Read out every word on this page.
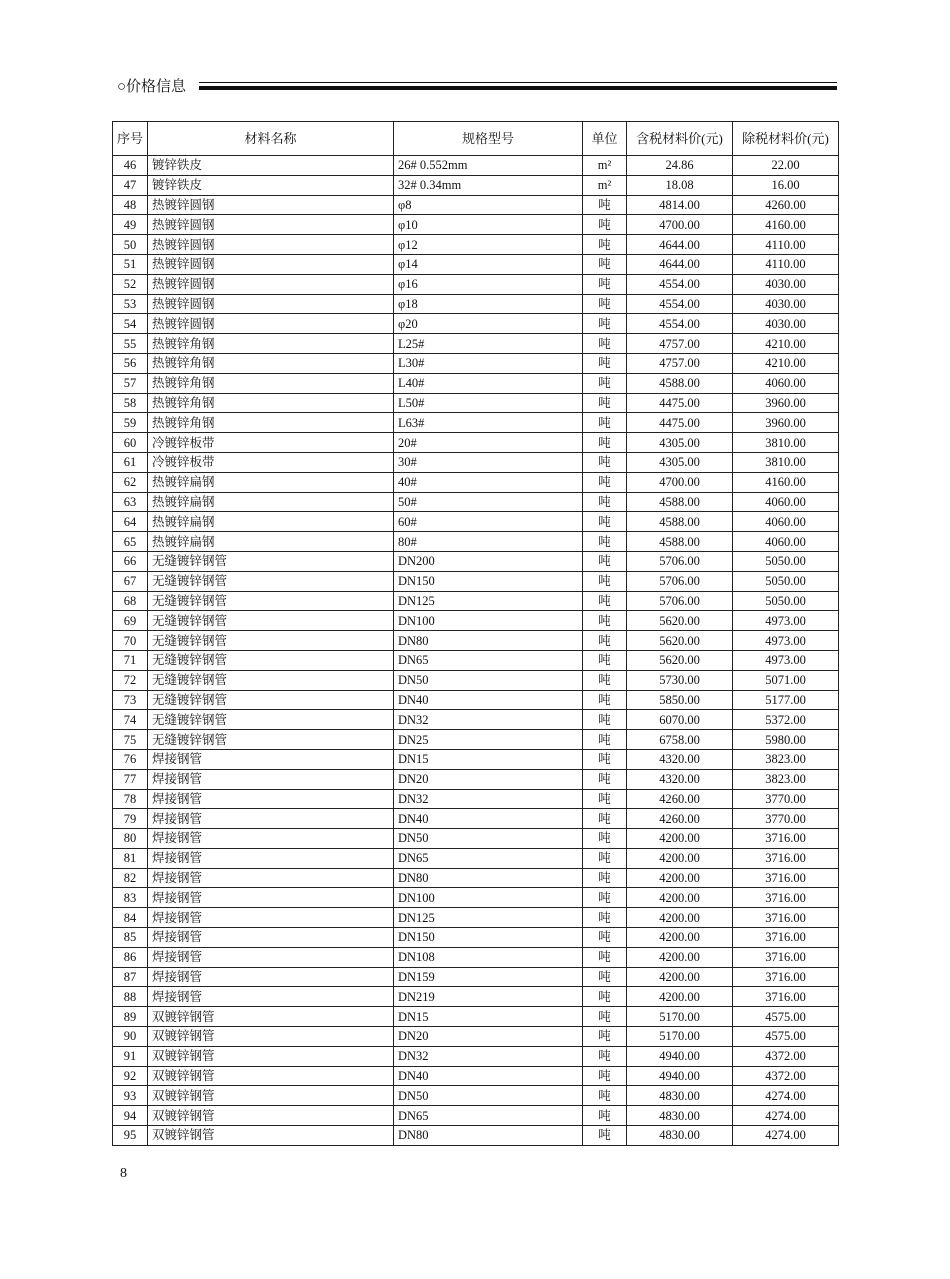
○价格信息
序号	材料名称	规格型号	单位	含税材料价(元)	除税材料价(元)
46	镀锌铁皮	26# 0.552mm	m²	24.86	22.00
47	镀锌铁皮	32# 0.34mm	m²	18.08	16.00
48	热镀锌圆钢	φ8	吨	4814.00	4260.00
49	热镀锌圆钢	φ10	吨	4700.00	4160.00
50	热镀锌圆钢	φ12	吨	4644.00	4110.00
51	热镀锌圆钢	φ14	吨	4644.00	4110.00
52	热镀锌圆钢	φ16	吨	4554.00	4030.00
53	热镀锌圆钢	φ18	吨	4554.00	4030.00
54	热镀锌圆钢	φ20	吨	4554.00	4030.00
55	热镀锌角钢	L25#	吨	4757.00	4210.00
56	热镀锌角钢	L30#	吨	4757.00	4210.00
57	热镀锌角钢	L40#	吨	4588.00	4060.00
58	热镀锌角钢	L50#	吨	4475.00	3960.00
59	热镀锌角钢	L63#	吨	4475.00	3960.00
60	冷镀锌板带	20#	吨	4305.00	3810.00
61	冷镀锌板带	30#	吨	4305.00	3810.00
62	热镀锌扁钢	40#	吨	4700.00	4160.00
63	热镀锌扁钢	50#	吨	4588.00	4060.00
64	热镀锌扁钢	60#	吨	4588.00	4060.00
65	热镀锌扁钢	80#	吨	4588.00	4060.00
66	无缝镀锌钢管	DN200	吨	5706.00	5050.00
67	无缝镀锌钢管	DN150	吨	5706.00	5050.00
68	无缝镀锌钢管	DN125	吨	5706.00	5050.00
69	无缝镀锌钢管	DN100	吨	5620.00	4973.00
70	无缝镀锌钢管	DN80	吨	5620.00	4973.00
71	无缝镀锌钢管	DN65	吨	5620.00	4973.00
72	无缝镀锌钢管	DN50	吨	5730.00	5071.00
73	无缝镀锌钢管	DN40	吨	5850.00	5177.00
74	无缝镀锌钢管	DN32	吨	6070.00	5372.00
75	无缝镀锌钢管	DN25	吨	6758.00	5980.00
76	焊接钢管	DN15	吨	4320.00	3823.00
77	焊接钢管	DN20	吨	4320.00	3823.00
78	焊接钢管	DN32	吨	4260.00	3770.00
79	焊接钢管	DN40	吨	4260.00	3770.00
80	焊接钢管	DN50	吨	4200.00	3716.00
81	焊接钢管	DN65	吨	4200.00	3716.00
82	焊接钢管	DN80	吨	4200.00	3716.00
83	焊接钢管	DN100	吨	4200.00	3716.00
84	焊接钢管	DN125	吨	4200.00	3716.00
85	焊接钢管	DN150	吨	4200.00	3716.00
86	焊接钢管	DN108	吨	4200.00	3716.00
87	焊接钢管	DN159	吨	4200.00	3716.00
88	焊接钢管	DN219	吨	4200.00	3716.00
89	双镀锌钢管	DN15	吨	5170.00	4575.00
90	双镀锌钢管	DN20	吨	5170.00	4575.00
91	双镀锌钢管	DN32	吨	4940.00	4372.00
92	双镀锌钢管	DN40	吨	4940.00	4372.00
93	双镀锌钢管	DN50	吨	4830.00	4274.00
94	双镀锌钢管	DN65	吨	4830.00	4274.00
95	双镀锌钢管	DN80	吨	4830.00	4274.00
8
